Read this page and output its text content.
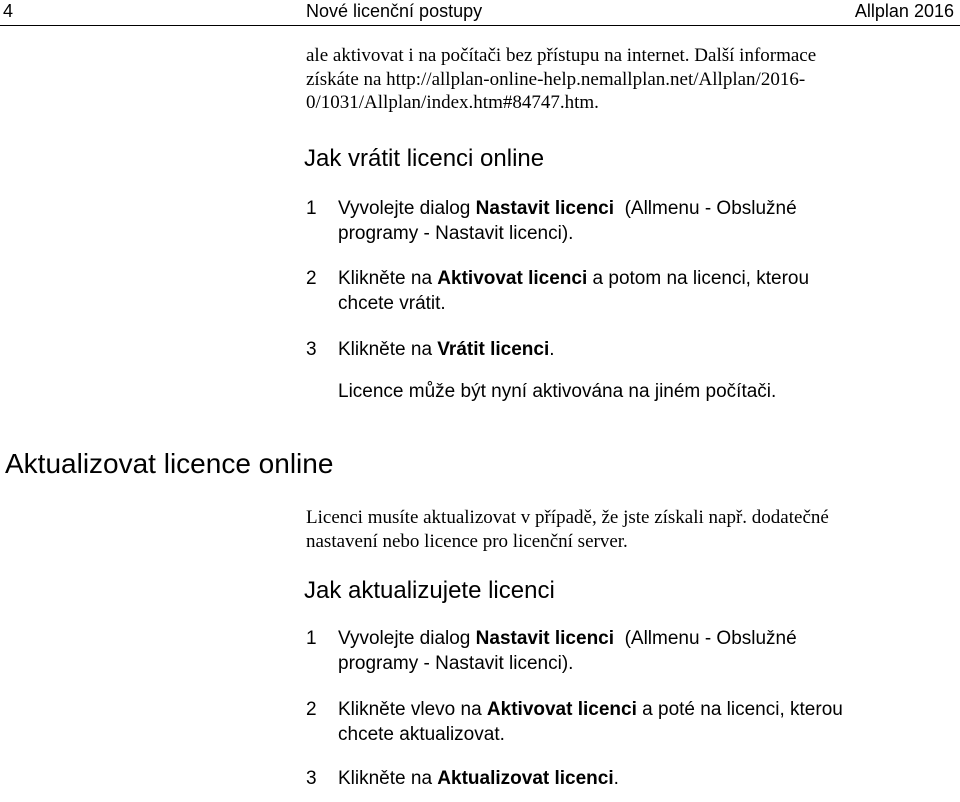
4	Nové licenční postupy	Allplan 2016
ale aktivovat i na počítači bez přístupu na internet. Další informace
získáte na http://allplan-online-help.nemallplan.net/Allplan/2016-
0/1031/Allplan/index.htm#84747.htm.
Jak vrátit licenci online
1 Vyvolejte dialog Nastavit licenci  (Allmenu - Obslužné
programy - Nastavit licenci).
2 Klikněte na Aktivovat licenci a potom na licenci, kterou
chcete vrátit.
3 Klikněte na Vrátit licenci.
Licence může být nyní aktivována na jiném počítači.
Aktualizovat licence online
Licenci musíte aktualizovat v případě, že jste získali např. dodatečné
nastavení nebo licence pro licenční server.
Jak aktualizujete licenci
1 Vyvolejte dialog Nastavit licenci  (Allmenu - Obslužné
programy - Nastavit licenci).
2 Klikněte vlevo na Aktivovat licenci a poté na licenci, kterou
chcete aktualizovat.
3 Klikněte na Aktualizovat licenci.
